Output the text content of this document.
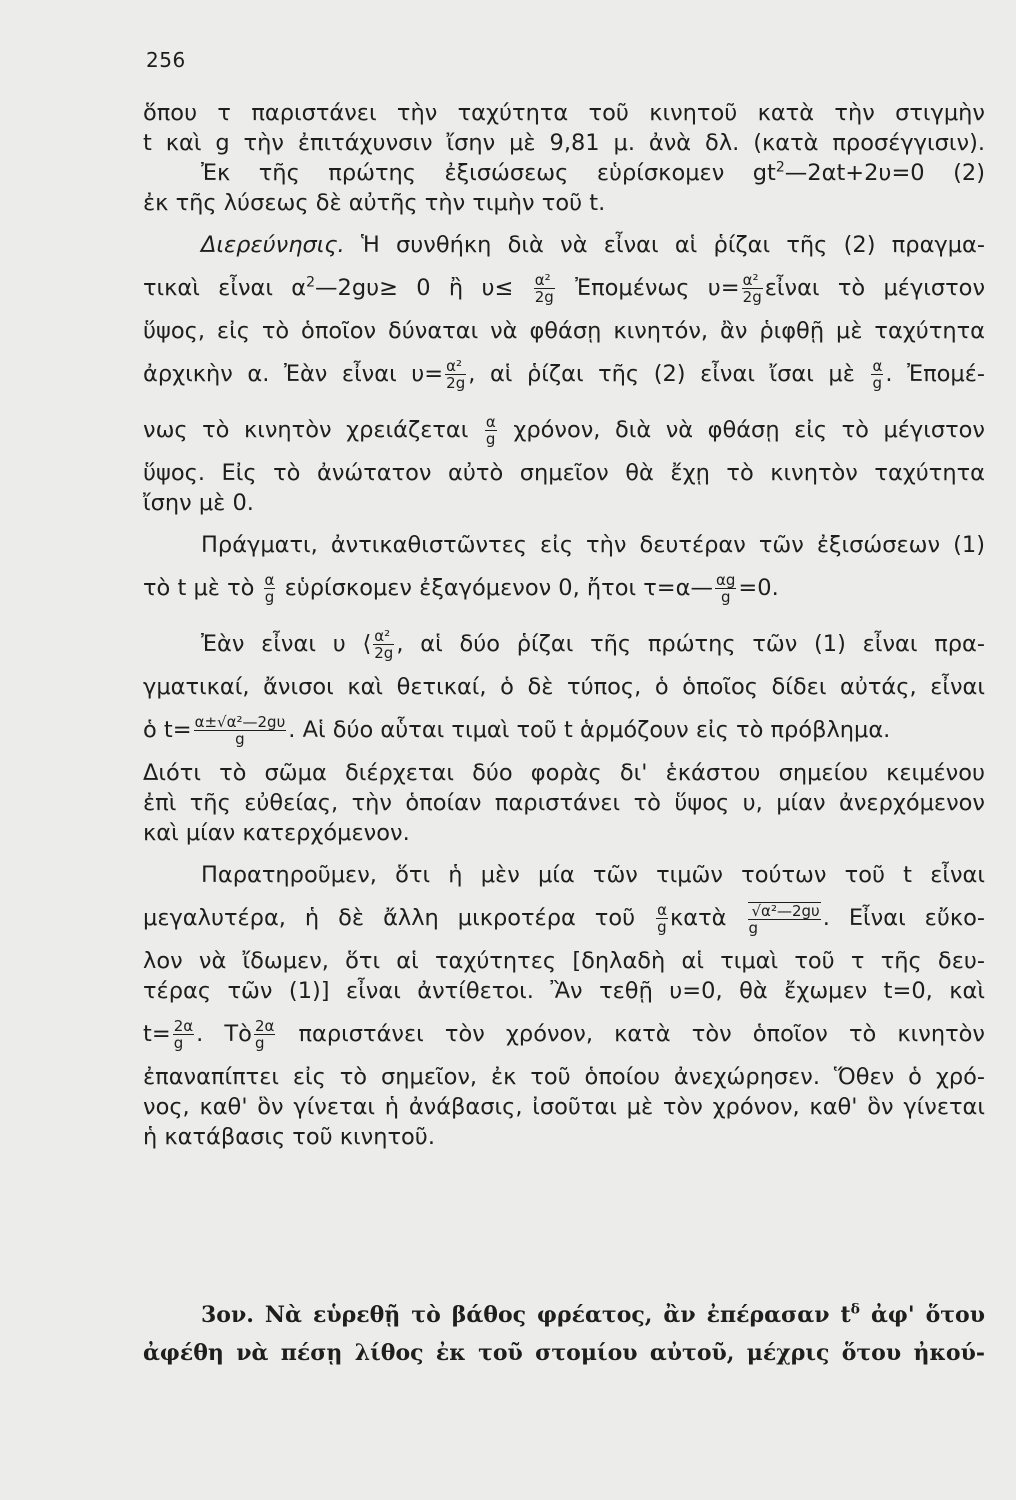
256
ὅπου τ παριστάνει τὴν ταχύτητα τοῦ κινητοῦ κατὰ τὴν στιγμὴν
t καὶ g τὴν ἐπιτάχυνσιν ἴσην μὲ 9,81 μ. ἀνὰ δλ. (κατὰ προσέγγισιν).
Ἐκ τῆς πρώτης ἐξισώσεως εὑρίσκομεν $gt^2—2\alpha t+2\upsilon=0$ (2)
ἐκ τῆς λύσεως δὲ αὐτῆς τὴν τιμὴν τοῦ t.
Διερεύνησις. Ἡ συνθήκη διὰ νὰ εἶναι αἱ ῥίζαι τῆς (2) πραγμα-
τικαὶ εἶναι $\alpha^2—2g\upsilon\ge 0$ ἢ $\upsilon\le \frac{\text{α²}}{2g}$ Ἐπομένως $\upsilon= \frac{\text{α²}}{2g}$ εἶναι τὸ μέγιστον
ὕψος, εἰς τὸ ὁποῖον δύναται νὰ φθάσῃ κινητόν, ἂν ῥιφθῇ μὲ ταχύτητα
ἀρχικὴν α. Ἐὰν εἶναι $\upsilon= \frac{\text{α²}}{2g}$ , αἱ ῥίζαι τῆς (2) εἶναι ἴσαι μὲ $\frac{\alpha}{g}$ . Ἐπομέ-
νως τὸ κινητὸν χρειάζεται $\frac{\alpha}{g} \chi\rho ό\nu o\nu$, διὰ νὰ φθάσῃ εἰς τὸ μέγιστον
ὕψος. Εἰς τὸ ἀνώτατον αὐτὸ σημεῖον θὰ ἔχῃ τὸ κινητὸν ταχύτητα
ἴσην μὲ 0.
Πράγματι, ἀντικαθιστῶντες εἰς τὴν δευτέραν τῶν ἐξισώσεων (1)
τὸ t μὲ τὸ $\frac{\alpha}{g}$ εὑρίσκομεν ἐξαγόμενον 0, ἤτοι τ=α— $\frac{\alpha g}{g} =0$.
Ἐὰν εἶναι υ ⟨ $\frac{\text{α²}}{2g}$ , αἱ δύο ῥίζαι τῆς πρώτης τῶν (1) εἶναι πρα-
γματικαί, ἄνισοι καὶ θετικαί, ὁ δὲ τύπος, ὁ ὁποῖος δίδει αὐτάς, εἶναι
ὁ $t= \frac{\text{α±√α²—2gυ}}{g}$ . Αἱ δύο αὗται τιμαὶ τοῦ t ἁρμόζουν εἰς τὸ πρόβλημα.
Διότι τὸ σῶμα διέρχεται δύο φορὰς δι' ἑκάστου σημείου κειμένου
ἐπὶ τῆς εὐθείας, τὴν ὁποίαν παριστάνει τὸ ὕψος υ, μίαν ἀνερχόμενον
καὶ μίαν κατερχόμενον.
Παρατηροῦμεν, ὅτι ἡ μὲν μία τῶν τιμῶν τούτων τοῦ t εἶναι
μεγαλυτέρα, ἡ δὲ ἄλλη μικροτέρα τοῦ $\frac{\alpha}{g}$ κατὰ $\frac{\text{√α²—2gυ}}{g}$ . Εἶναι εὔκο-
λον νὰ ἴδωμεν, ὅτι αἱ ταχύτητες [δηλαδὴ αἱ τιμαὶ τοῦ τ τῆς δευ-
τέρας τῶν (1)] εἶναι ἀντίθετοι. Ἂν τεθῇ υ=0, θὰ ἔχωμεν t=0, καὶ
$t= \frac{2\alpha}{g}$ . Τὸ $\frac{2\alpha}{g}$ παριστάνει τὸν χρόνον, κατὰ τὸν ὁποῖον τὸ κινητὸν
ἐπαναπίπτει εἰς τὸ σημεῖον, ἐκ τοῦ ὁποίου ἀνεχώρησεν. Ὅθεν ὁ χρό-
νος, καθ' ὃν γίνεται ἡ ἀνάβασις, ἰσοῦται μὲ τὸν χρόνον, καθ' ὃν γίνεται
ἡ κατάβασις τοῦ κινητοῦ.
3ον. Νὰ εὑρεθῇ τὸ βάθος φρέατος, ἂν ἐπέρασαν $t^\delta$ ἀφ' ὅτου
ἀφέθη νὰ πέσῃ λίθος ἐκ τοῦ στομίου αὐτοῦ, μέχρις ὅτου ἠκού-
